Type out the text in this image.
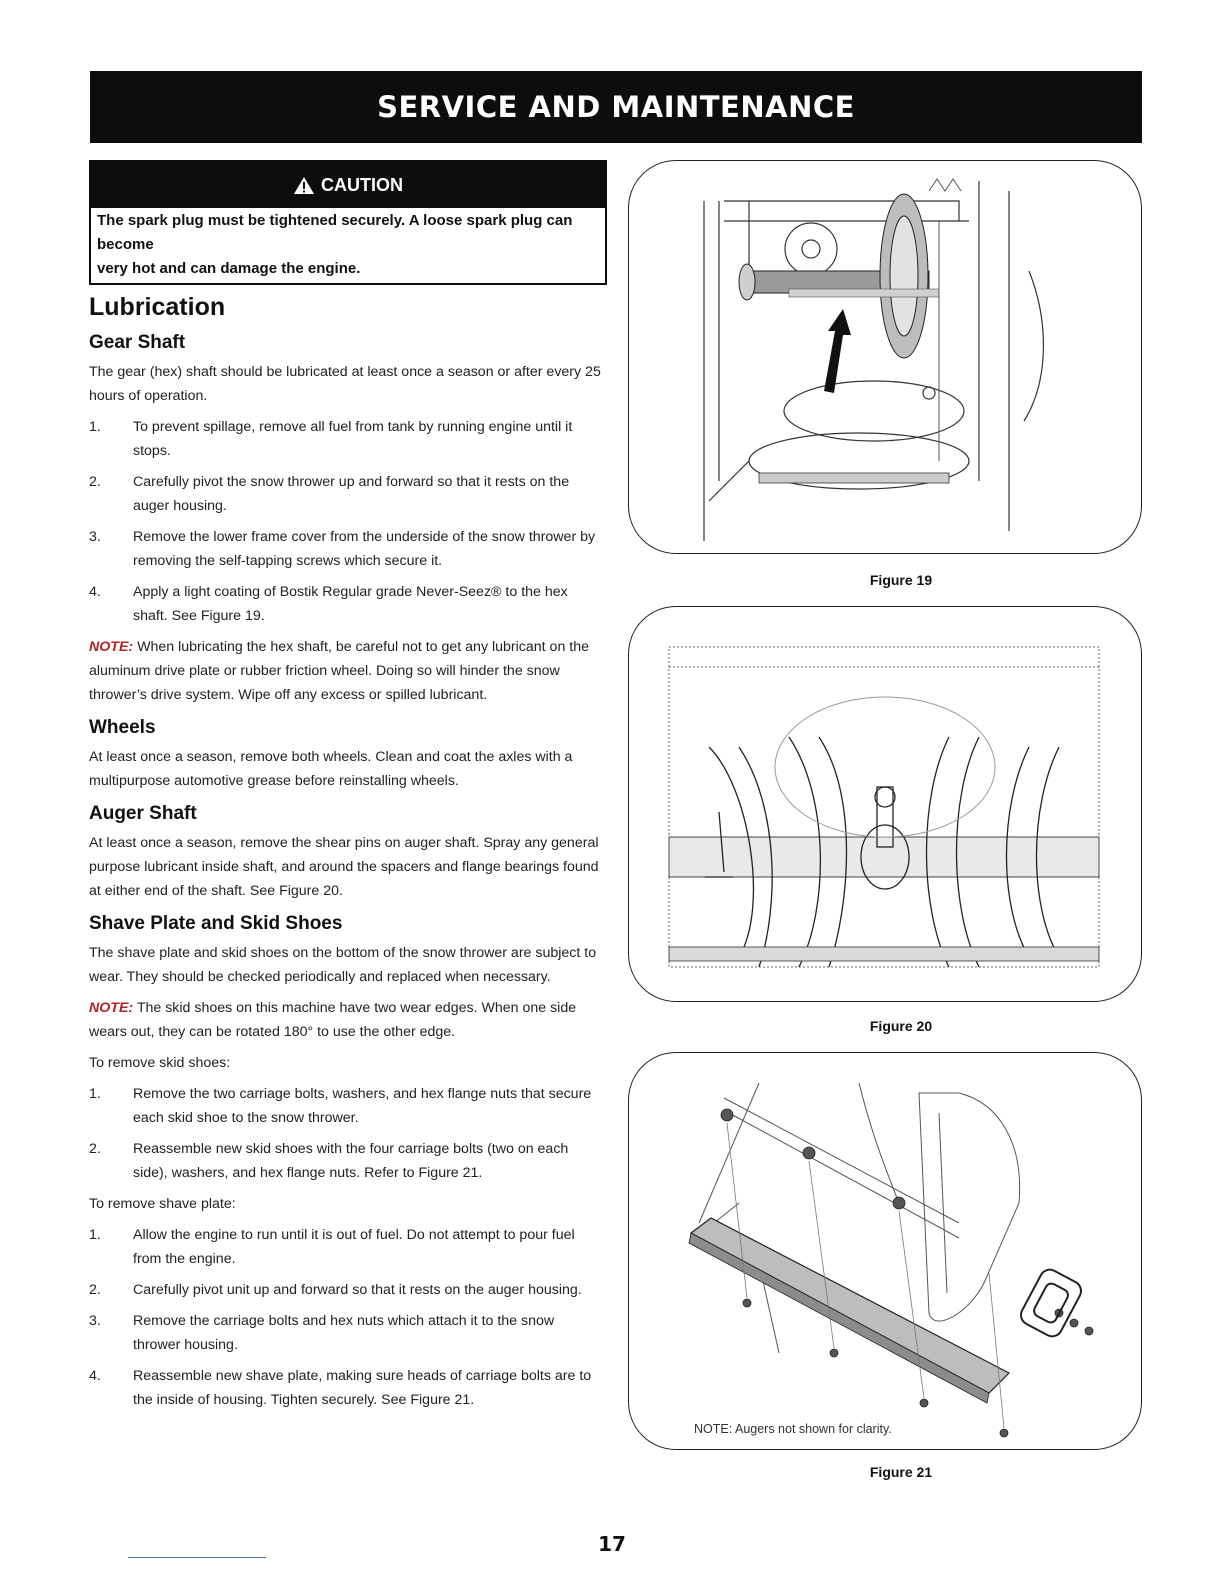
SERVICE AND MAINTENANCE
CAUTION
The spark plug must be tightened securely. A loose spark plug can become
very hot and can damage the engine.
Lubrication
Gear Shaft

The gear (hex) shaft should be lubricated at least once a season or after every 25 hours of operation.

1. To prevent spillage, remove all fuel from tank by running engine until it stops.
2. Carefully pivot the snow thrower up and forward so that it rests on the auger housing.
3. Remove the lower frame cover from the underside of the snow thrower by removing the self-tapping screws which secure it.
4. Apply a light coating of Bostik Regular grade Never-Seez® to the hex shaft. See Figure 19.

NOTE: When lubricating the hex shaft, be careful not to get any lubricant on the aluminum drive plate or rubber friction wheel. Doing so will hinder the snow thrower’s drive system. Wipe off any excess or spilled lubricant.

Wheels

At least once a season, remove both wheels. Clean and coat the axles with a multipurpose automotive grease before reinstalling wheels.

Auger Shaft

At least once a season, remove the shear pins on auger shaft. Spray any general purpose lubricant inside shaft, and around the spacers and flange bearings found at either end of the shaft. See Figure 20.

Shave Plate and Skid Shoes

The shave plate and skid shoes on the bottom of the snow thrower are subject to wear. They should be checked periodically and replaced when necessary.

NOTE: The skid shoes on this machine have two wear edges. When one side wears out, they can be rotated 180° to use the other edge.

To remove skid shoes:

1. Remove the two carriage bolts, washers, and hex flange nuts that secure each skid shoe to the snow thrower.
2. Reassemble new skid shoes with the four carriage bolts (two on each side), washers, and hex flange nuts. Refer to Figure 21.

To remove shave plate:

1. Allow the engine to run until it is out of fuel. Do not attempt to pour fuel from the engine.
2. Carefully pivot unit up and forward so that it rests on the auger housing.
3. Remove the carriage bolts and hex nuts which attach it to the snow thrower housing.
4. Reassemble new shave plate, making sure heads of carriage bolts are to the inside of housing. Tighten securely. See Figure 21.
Figure 19
Figure 20
NOTE: Augers not shown for clarity.
Figure 21
17
